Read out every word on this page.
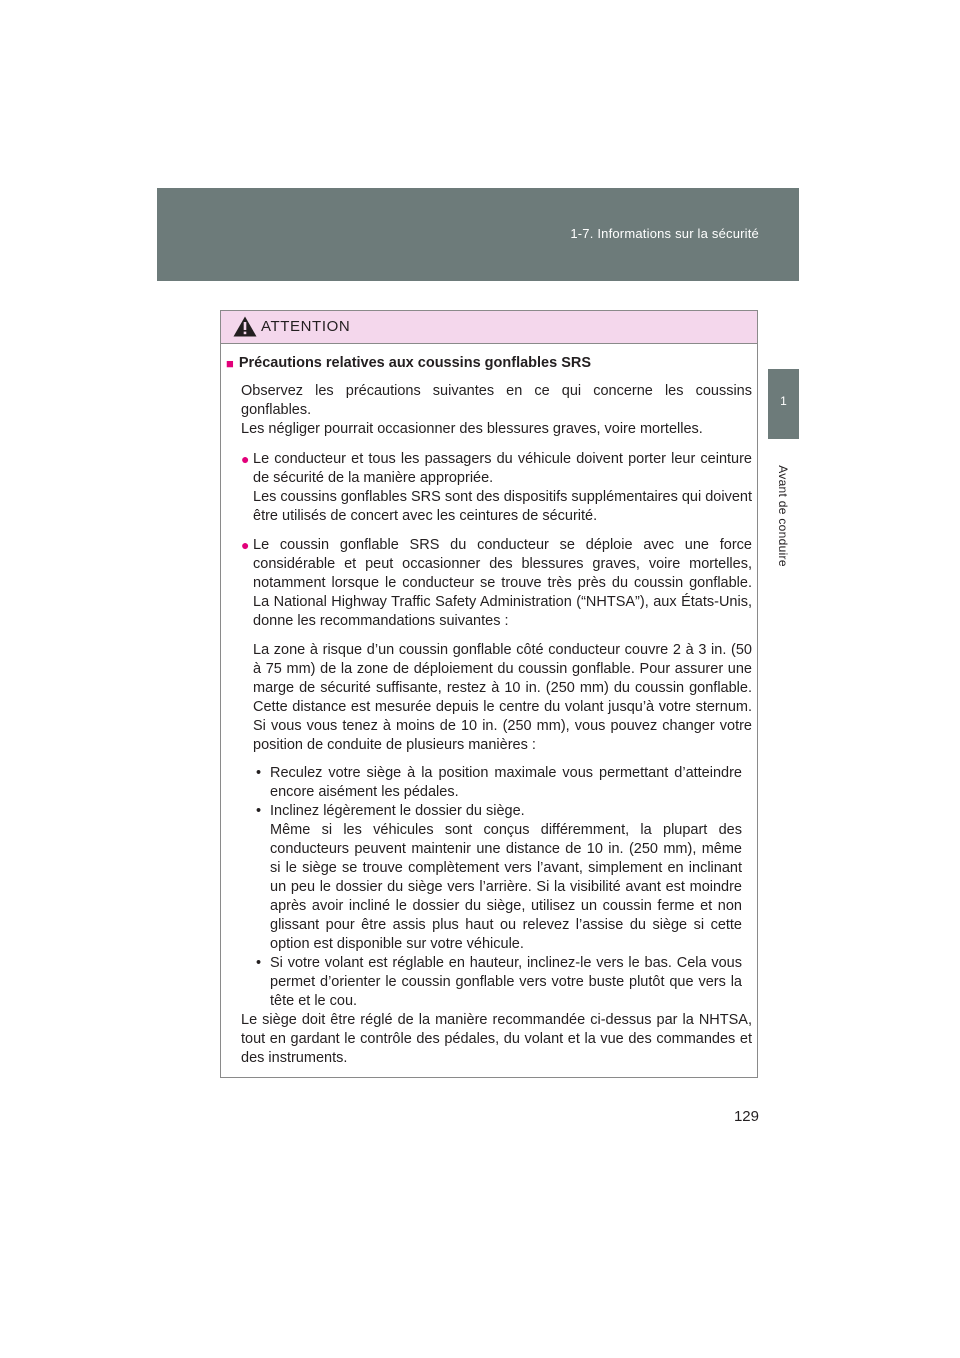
1-7. Informations sur la sécurité
1
Avant de conduire
ATTENTION
■ Précautions relatives aux coussins gonflables SRS
Observez les précautions suivantes en ce qui concerne les coussins gonflables.
Les négliger pourrait occasionner des blessures graves, voire mortelles.
● Le conducteur et tous les passagers du véhicule doivent porter leur ceinture de sécurité de la manière appropriée.

Les coussins gonflables SRS sont des dispositifs supplémentaires qui doivent être utilisés de concert avec les ceintures de sécurité.

● Le coussin gonflable SRS du conducteur se déploie avec une force considérable et peut occasionner des blessures graves, voire mortelles, notamment lorsque le conducteur se trouve très près du coussin gonflable. La National Highway Traffic Safety Administration (“NHTSA”), aux États-Unis, donne les recommandations suivantes :

La zone à risque d’un coussin gonflable côté conducteur couvre 2 à 3 in. (50 à 75 mm) de la zone de déploiement du coussin gonflable. Pour assurer une marge de sécurité suffisante, restez à 10 in. (250 mm) du coussin gonflable. Cette distance est mesurée depuis le centre du volant jusqu’à votre sternum. Si vous vous tenez à moins de 10 in. (250 mm), vous pouvez changer votre position de conduite de plusieurs manières :
• Reculez votre siège à la position maximale vous permettant d’atteindre encore aisément les pédales.

• Inclinez légèrement le dossier du siège.

Même si les véhicules sont conçus différemment, la plupart des conducteurs peuvent maintenir une distance de 10 in. (250 mm), même si le siège se trouve complètement vers l’avant, simplement en inclinant un peu le dossier du siège vers l’arrière. Si la visibilité avant est moindre après avoir incliné le dossier du siège, utilisez un coussin ferme et non glissant pour être assis plus haut ou relevez l’assise du siège si cette option est disponible sur votre véhicule.

• Si votre volant est réglable en hauteur, inclinez-le vers le bas. Cela vous permet d’orienter le coussin gonflable vers votre buste plutôt que vers la tête et le cou.

Le siège doit être réglé de la manière recommandée ci-dessus par la NHTSA, tout en gardant le contrôle des pédales, du volant et la vue des commandes et des instruments.
129
